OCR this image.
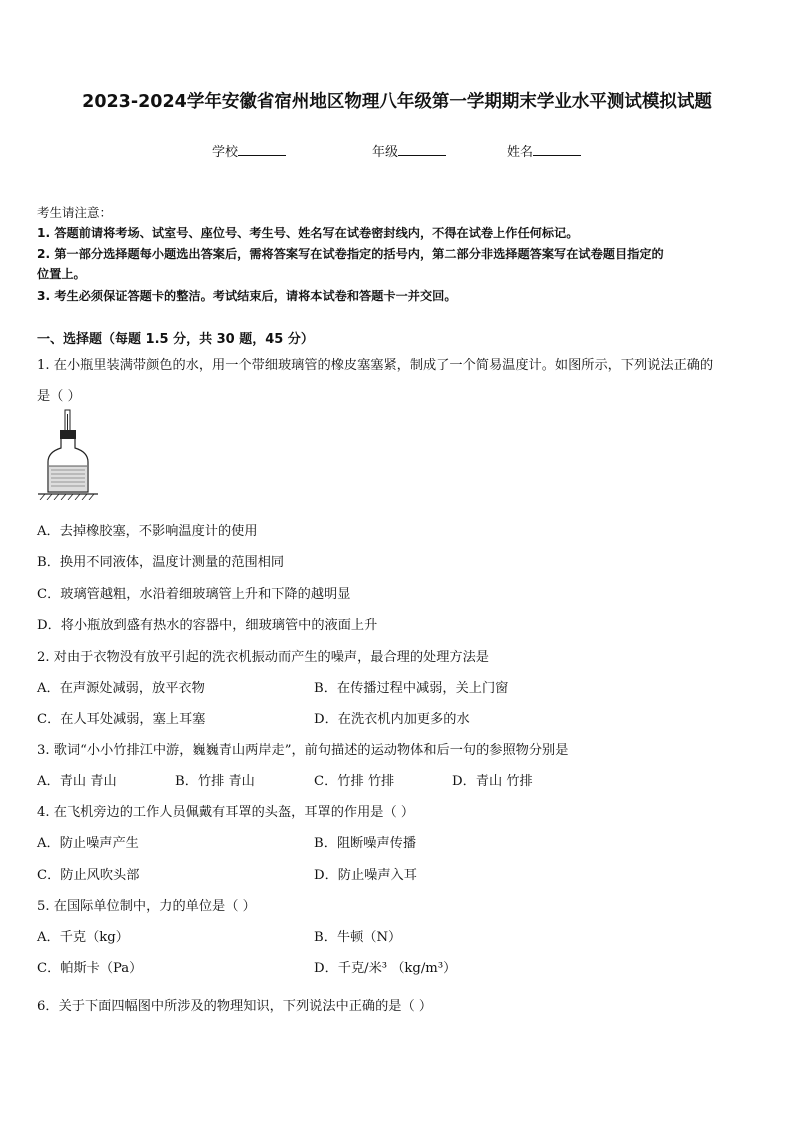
2023-2024学年安徽省宿州地区物理八年级第一学期期末学业水平测试模拟试题
学校	年级	姓名
考生请注意：
1. 答题前请将考场、试室号、座位号、考生号、姓名写在试卷密封线内，不得在试卷上作任何标记。
2. 第一部分选择题每小题选出答案后，需将答案写在试卷指定的括号内，第二部分非选择题答案写在试卷题目指定的
位置上。
3. 考生必须保证答题卡的整洁。考试结束后，请将本试卷和答题卡一并交回。
一、选择题（每题 1.5 分，共 30 题，45 分）
1. 在小瓶里装满带颜色的水，用一个带细玻璃管的橡皮塞塞紧，制成了一个简易温度计。如图所示，下列说法正确的
是（ ）
A．去掉橡胶塞，不影响温度计的使用
B．换用不同液体，温度计测量的范围相同
C．玻璃管越粗，水沿着细玻璃管上升和下降的越明显
D．将小瓶放到盛有热水的容器中，细玻璃管中的液面上升
2. 对由于衣物没有放平引起的洗衣机振动而产生的噪声，最合理的处理方法是
A．在声源处减弱，放平衣物	B．在传播过程中减弱，关上门窗
C．在人耳处减弱，塞上耳塞	D．在洗衣机内加更多的水
3. 歌词“小小竹排江中游，巍巍青山两岸走”，前句描述的运动物体和后一句的参照物分别是
A．青山 青山	B．竹排 青山	C．竹排 竹排	D．青山 竹排
4. 在飞机旁边的工作人员佩戴有耳罩的头盔，耳罩的作用是（ ）
A．防止噪声产生	B．阻断噪声传播
C．防止风吹头部	D．防止噪声入耳
5. 在国际单位制中，力的单位是（ ）
A．千克（kg）	B．牛顿（N）
C．帕斯卡（Pa）	D．千克/米³ （kg/m³）
6．关于下面四幅图中所涉及的物理知识，下列说法中正确的是（ ）
